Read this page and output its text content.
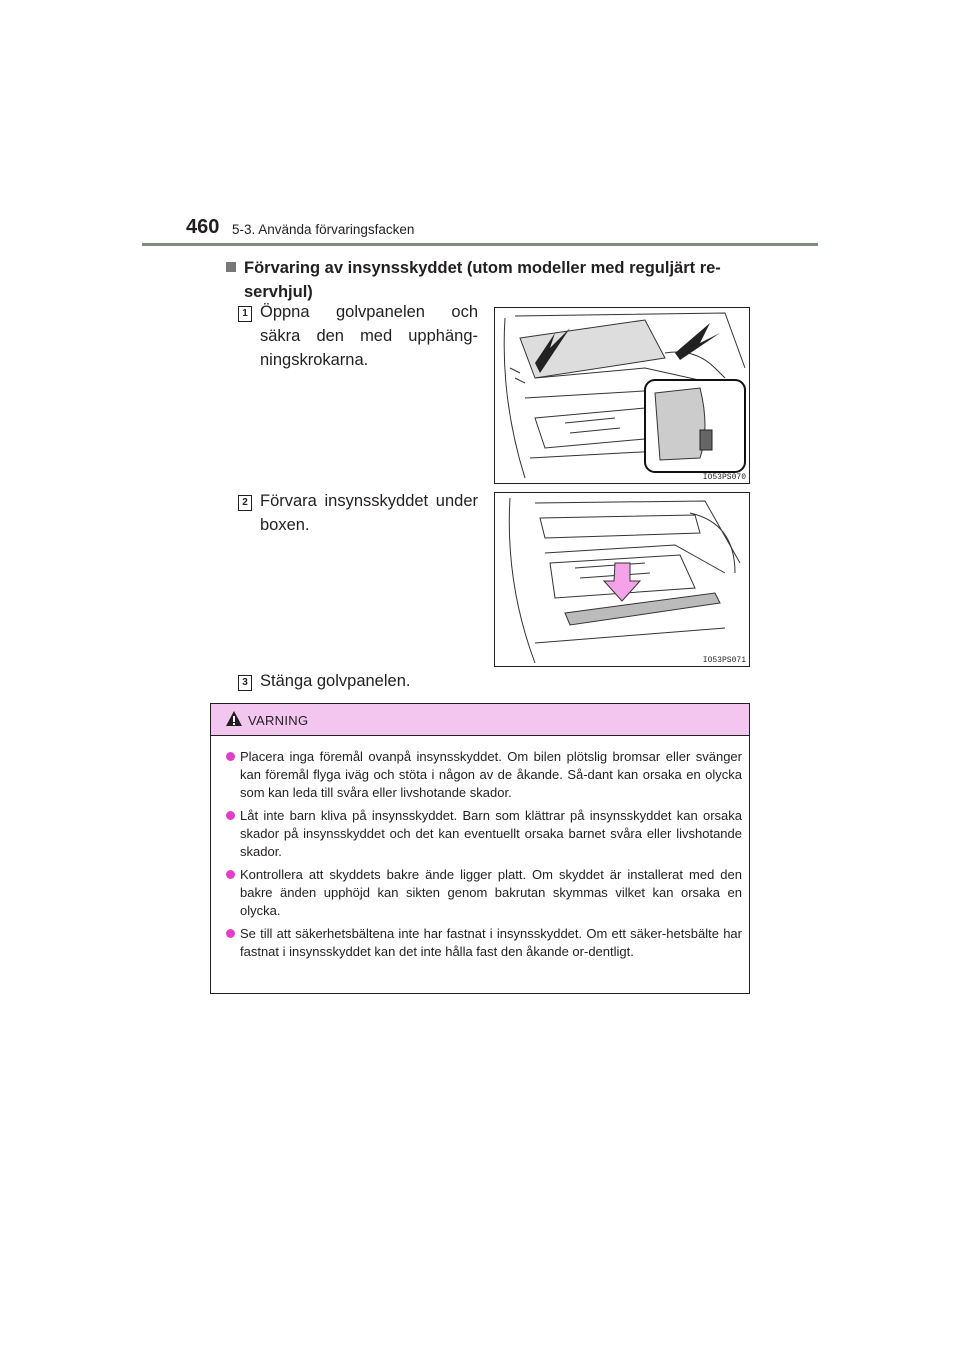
460 5-3. Använda förvaringsfacken
Förvaring av insynsskyddet (utom modeller med reguljärt re-
servhjul)
1 Öppna golvpanelen och säkra den med upphäng-ningskrokarna.
IO53PS070
2 Förvara insynsskyddet under boxen.
IO53PS071
3 Stänga golvpanelen.
VARNING
Placera inga föremål ovanpå insynsskyddet. Om bilen plötslig bromsar eller svänger kan föremål flyga iväg och stöta i någon av de åkande. Så-dant kan orsaka en olycka som kan leda till svåra eller livshotande skador.
Låt inte barn kliva på insynsskyddet. Barn som klättrar på insynsskyddet kan orsaka skador på insynsskyddet och det kan eventuellt orsaka barnet svåra eller livshotande skador.
Kontrollera att skyddets bakre ände ligger platt. Om skyddet är installerat med den bakre änden upphöjd kan sikten genom bakrutan skymmas vilket kan orsaka en olycka.
Se till att säkerhetsbältena inte har fastnat i insynsskyddet. Om ett säker-hetsbälte har fastnat i insynsskyddet kan det inte hålla fast den åkande or-dentligt.
